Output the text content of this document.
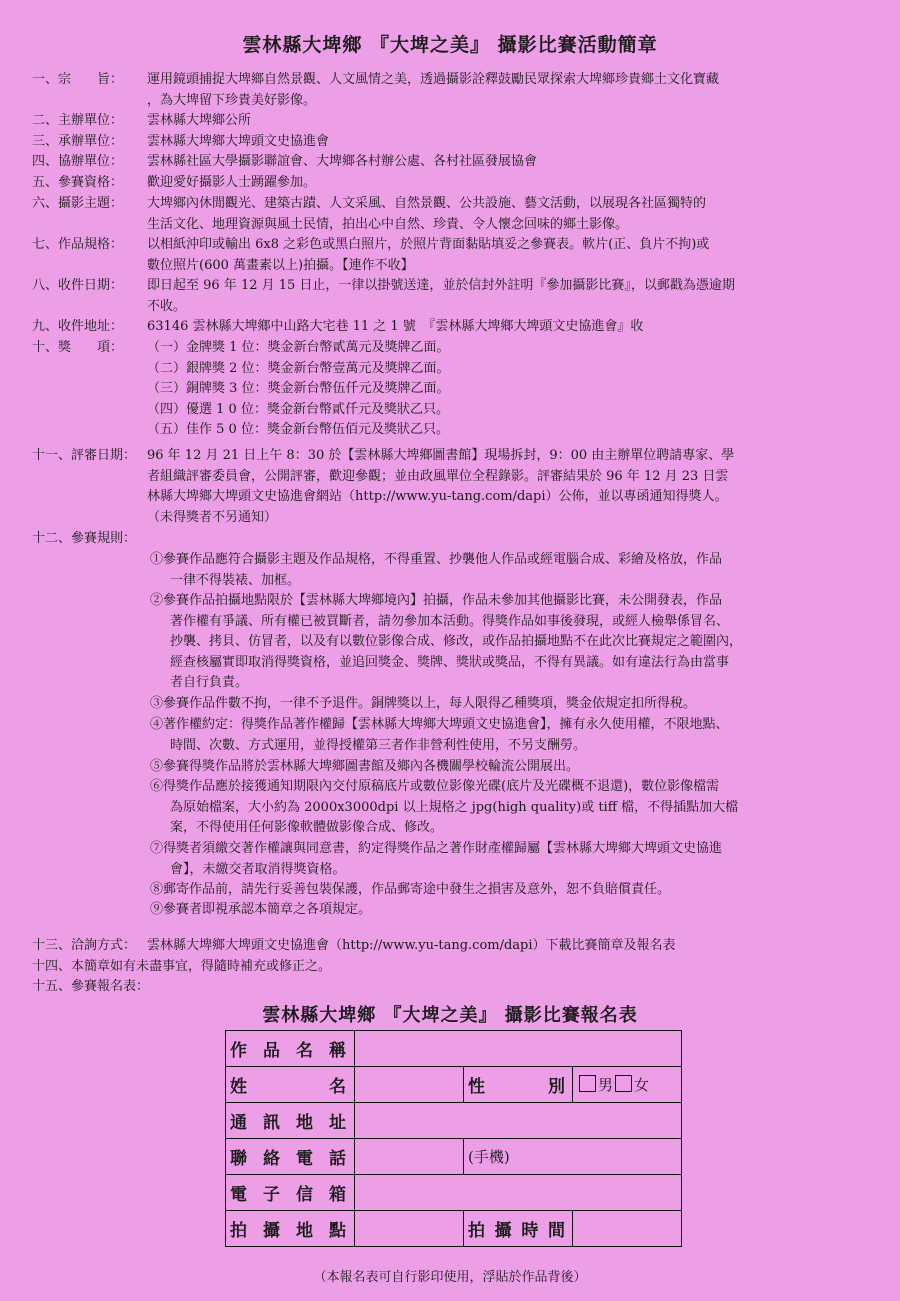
雲林縣大埤鄉 『大埤之美』 攝影比賽活動簡章
一、宗　　旨： 運用鏡頭捕捉大埤鄉自然景觀、人文風情之美，透過攝影詮釋鼓勵民眾探索大埤鄉珍貴鄉土文化寶藏
，為大埤留下珍貴美好影像。
二、主辦單位： 雲林縣大埤鄉公所
三、承辦單位： 雲林縣大埤鄉大埤頭文史協進會
四、協辦單位： 雲林縣社區大學攝影聯誼會、大埤鄉各村辦公處、各村社區發展協會
五、參賽資格： 歡迎愛好攝影人士踴躍參加。
六、攝影主題： 大埤鄉內休閒觀光、建築古蹟、人文采風、自然景觀、公共設施、藝文活動，以展現各社區獨特的
生活文化、地理資源與風土民情，拍出心中自然、珍貴、令人懷念回味的鄉土影像。
七、作品規格： 以相紙沖印或輸出 6x8 之彩色或黑白照片，於照片背面黏貼填妥之參賽表。軟片(正、負片不拘)或
數位照片(600 萬畫素以上)拍攝。【連作不收】
八、收件日期： 即日起至 96 年 12 月 15 日止，一律以掛號送達，並於信封外註明『參加攝影比賽』，以郵戳為憑逾期
不收。
九、收件地址： 63146 雲林縣大埤鄉中山路大宅巷 11 之 1 號　『雲林縣大埤鄉大埤頭文史協進會』收
十、獎　　項： （一）金牌獎 1 位：獎金新台幣貳萬元及獎牌乙面。
（二）銀牌獎 2 位：獎金新台幣壹萬元及獎牌乙面。
（三）銅牌獎 3 位：獎金新台幣伍仟元及獎牌乙面。
（四）優選 1 0 位：獎金新台幣貳仟元及獎狀乙只。
（五）佳作 5 0 位：獎金新台幣伍佰元及獎狀乙只。
十一、評審日期： 96 年 12 月 21 日上午 8：30 於【雲林縣大埤鄉圖書館】現場拆封，9：00 由主辦單位聘請專家、學
者組織評審委員會，公開評審，歡迎參觀；並由政風單位全程錄影。評審結果於 96 年 12 月 23 日雲
林縣大埤鄉大埤頭文史協進會網站（http://www.yu-tang.com/dapi）公佈，並以專函通知得獎人。
（未得獎者不另通知）
十二、參賽規則：
①參賽作品應符合攝影主題及作品規格，不得重置、抄襲他人作品或經電腦合成、彩繪及格放，作品
一律不得裝裱、加框。
②參賽作品拍攝地點限於【雲林縣大埤鄉境內】拍攝，作品未參加其他攝影比賽，未公開發表，作品
著作權有爭議、所有權已被買斷者，請勿參加本活動。得獎作品如事後發現，或經人檢舉係冒名、
抄襲、拷貝、仿冒者，以及有以數位影像合成、修改，或作品拍攝地點不在此次比賽規定之範圍內，
經查核屬實即取消得獎資格，並追回獎金、獎牌、獎狀或獎品，不得有異議。如有違法行為由當事
者自行負責。
③參賽作品件數不拘，一律不予退件。銅牌獎以上，每人限得乙種獎項，獎金依規定扣所得稅。
④著作權約定：得獎作品著作權歸【雲林縣大埤鄉大埤頭文史協進會】，擁有永久使用權，不限地點、
時間、次數、方式運用，並得授權第三者作非營利性使用，不另支酬勞。
⑤參賽得獎作品將於雲林縣大埤鄉圖書館及鄉內各機關學校輪流公開展出。
⑥得獎作品應於接獲通知期限內交付原稿底片或數位影像光碟(底片及光碟概不退還)，數位影像檔需
為原始檔案，大小約為 2000x3000dpi 以上規格之 jpg(high quality)或 tiff 檔，不得插點加大檔
案，不得使用任何影像軟體做影像合成、修改。
⑦得獎者須繳交著作權讓與同意書，約定得獎作品之著作財產權歸屬【雲林縣大埤鄉大埤頭文史協進
會】，未繳交者取消得獎資格。
⑧郵寄作品前，請先行妥善包裝保護，作品郵寄途中發生之損害及意外，恕不負賠償責任。
⑨參賽者即視承認本簡章之各項規定。
十三、洽詢方式： 雲林縣大埤鄉大埤頭文史協進會（http://www.yu-tang.com/dapi）下載比賽簡章及報名表
十四、本簡章如有未盡事宜，得隨時補充或修正之。
十五、參賽報名表：
雲林縣大埤鄉 『大埤之美』 攝影比賽報名表
作品名稱			
姓　　名		性　別	男 女
通訊地址			
聯絡電話		(手機)	
電子信箱			
拍攝地點		拍攝時間	
（本報名表可自行影印使用，浮貼於作品背後）
